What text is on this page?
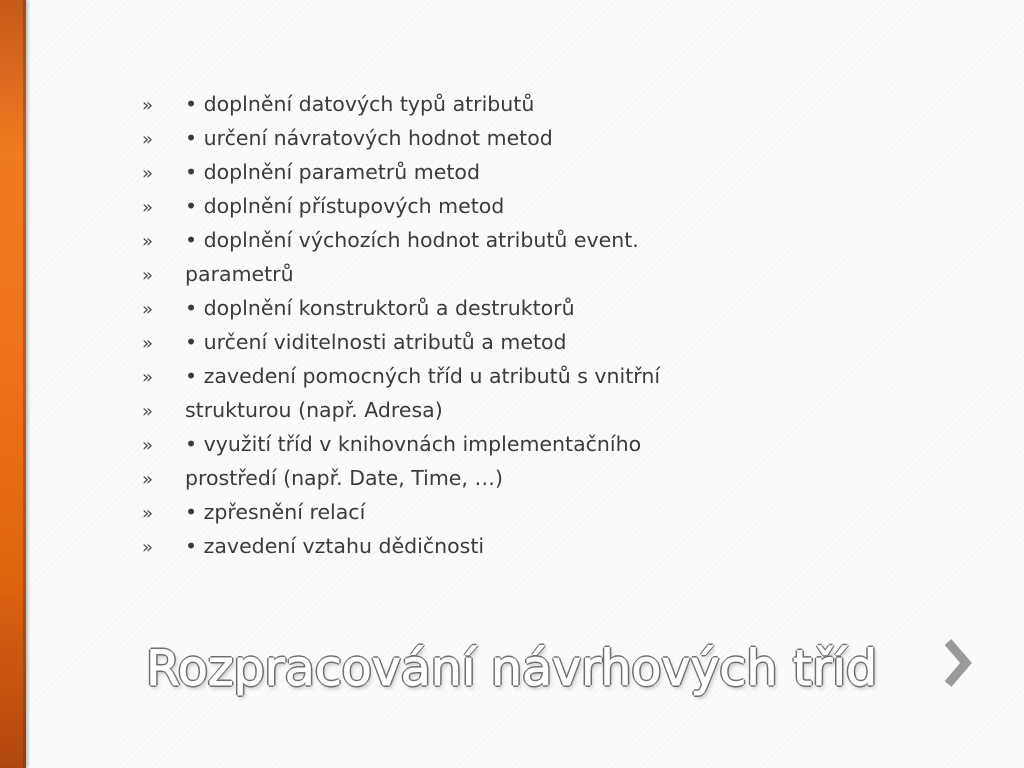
»	• doplnění datových typů atributů
»	• určení návratových hodnot metod
»	• doplnění parametrů metod
»	• doplnění přístupových metod
»	• doplnění výchozích hodnot atributů event.
»	parametrů
»	• doplnění konstruktorů a destruktorů
»	• určení viditelnosti atributů a metod
»	• zavedení pomocných tříd u atributů s vnitřní
»	strukturou (např. Adresa)
»	• využití tříd v knihovnách implementačního
»	prostředí (např. Date, Time, …)
»	• zpřesnění relací
»	• zavedení vztahu dědičnosti
Rozpracování návrhových tříd
